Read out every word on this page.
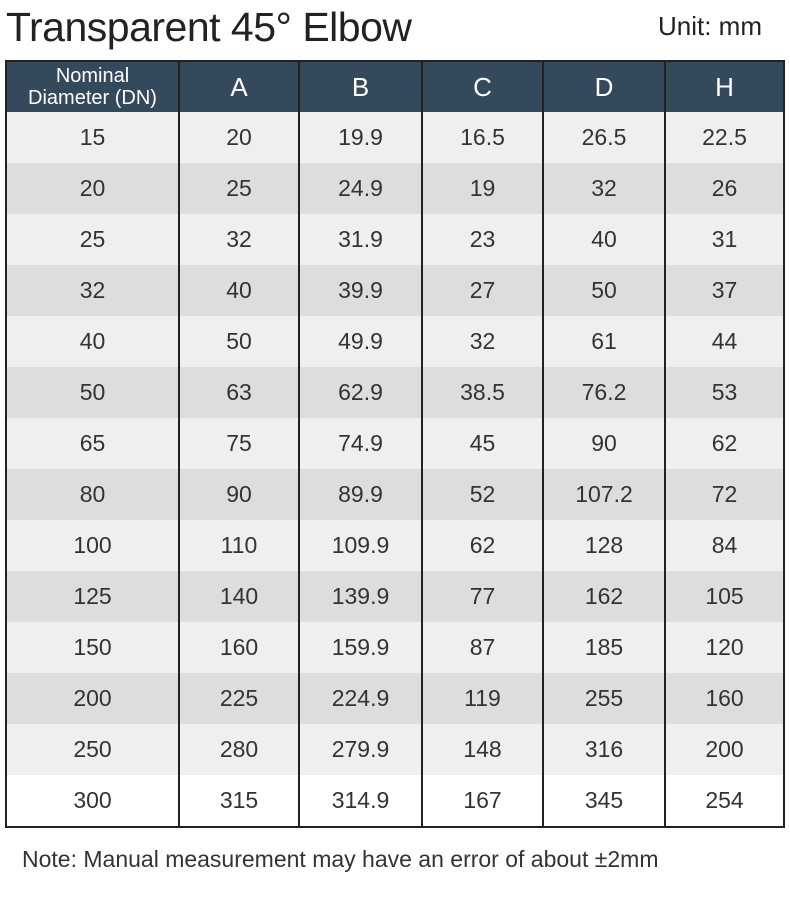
Transparent 45° Elbow	Unit: mm
Nominal
Diameter (DN)	A	B	C	D	H
15	20	19.9	16.5	26.5	22.5
20	25	24.9	19	32	26
25	32	31.9	23	40	31
32	40	39.9	27	50	37
40	50	49.9	32	61	44
50	63	62.9	38.5	76.2	53
65	75	74.9	45	90	62
80	90	89.9	52	107.2	72
100	110	109.9	62	128	84
125	140	139.9	77	162	105
150	160	159.9	87	185	120
200	225	224.9	119	255	160
250	280	279.9	148	316	200
300	315	314.9	167	345	254
Note: Manual measurement may have an error of about ±2mm
